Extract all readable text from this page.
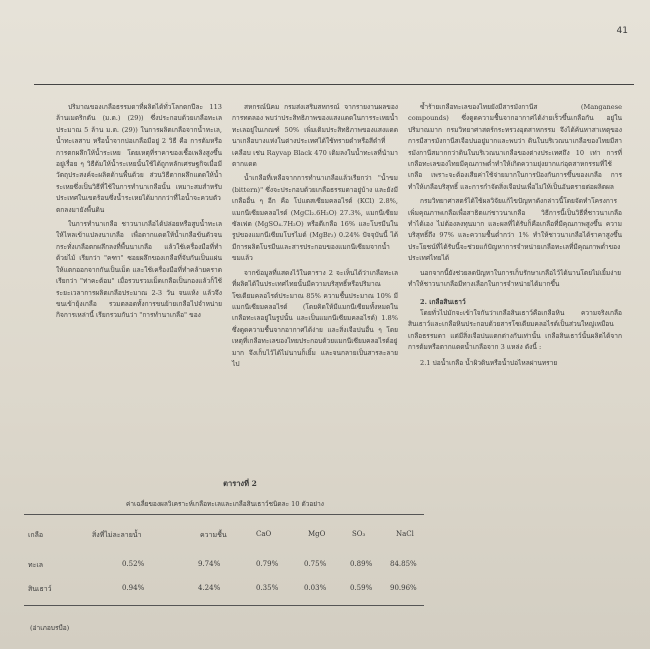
41

ปริมาณของเกลือธรรมดาที่ผลิตได้ทั่วโลกตกปีละ 113 ล้านเมตริกตัน (ม.ต.) (29)) ซึ่งประกอบด้วยเกลือทะเล ประมาณ 5 ล้าน ม.ต. (29)) ในการผลิตเกลือจากน้ำทะเล, น้ำทะเลสาบ หรือน้ำจากบ่อเกลือมีอยู่ 2 วิธี คือ การต้มหรือการตกผลึกให้น้ำระเหย โดยเหตุที่ราคาของเชื้อเพลิงสูงขึ้นอยู่เรื่อย ๆ วิธีต้มให้น้ำระเหยนั้นใช้ได้ถูกหลักเศรษฐกิจเมื่อมีวัตถุประสงค์จะผลิตด้านพื้นด้วย ส่วนวิธีตากผลึกแดดให้น้ำระเหยซึ่งเป็นวิธีที่ใช้ในการทำนาเกลือนั้น เหมาะสมสำหรับประเทศในเขตร้อนซึ่งน้ำระเหยได้มากกว่าที่ไอน้ำจะควบตัวตกลงมายังพื้นดิน

ในการทำนาเกลือ ชาวนาเกลือได้ปล่อยหรือสูบน้ำทะเลให้ไหลเข้าแปลงนาเกลือ เพื่อตากแดดให้น้ำเกลือข้นตัวจนกระทั่งเกลือตกผลึกลงที่พื้นนาเกลือ แล้วใช้เครื่องมือที่ทำด้วยไม้ เรียกว่า "คฑา" ซอยผลึกของเกลือที่จับกันเป็นแผ่นให้แตกออกจากกันเป็นเม็ด และใช้เครื่องมือที่ทำคล้ายคราด เรียกว่า "ท่าคะต้อม" เมื่อรวบรวมเม็ดเกลือเป็นกองแล้วก็ใช้ ระยะเวลาการผลิตเกลือประมาณ 2-3 วัน จนแห้ง แล้วจึงขนเข้ายุ้งเกลือ รวมตลอดทั้งการขนย้ายเกลือไปจำหน่าย กิจการเหล่านี้ เรียกรวมกันว่า "การทำนาเกลือ" ของ

สหกรณ์นิคม กรมส่งเสริมสหกรณ์ จากรายงานผลของการทดลอง พบว่าประสิทธิภาพของแสงแดดในการระเหยน้ำทะเลอยู่ในเกณฑ์ 50% เพิ่มเติมประสิทธิภาพของแสงแดด นาเกลือบางแห่งในต่างประเทศได้ใช้ทรายดำหรือสีดำที่เคลือบ เช่น Rayvap Black 470 เติมลงในน้ำทะเลที่นำมาตากแดด

น้ำเกลือที่เหลือจากการทำนาเกลือแล้วเรียกว่า "น้ำขม (bittern)" ซึ่งจะประกอบด้วยเกลือธรรมดาอยู่บ้าง และยังมีเกลืออื่น ๆ อีก คือ โปแตสเซียมคลอไรด์ (KCl) 2.8%, แมกนีเซียมคลอไรด์ (MgCl₂.6H₂O) 27.3%, แมกนีเซียมซัลเฟต (MgSO₄.7H₂O) หรือดีเกลือ 16% และโบรมีนในรูปของแมกนีเซียมโบรไมด์ (MgBr₂) 0.24% ปัจจุบันนี้ ได้มีการผลิตโบรมีนและสารประกอบของแมกนีเซียมจากน้ำขมแล้ว

จากข้อมูลที่แสดงไว้ในตาราง 2 จะเห็นได้ว่าเกลือทะเลที่ผลิตได้ในประเทศไทยนั้นมีความบริสุทธิ์หรือปริมาณโซเดียมคลอไรด์ประมาณ 85% ความชื้นประมาณ 10% มีแมกนีเซียมคลอไรด์ (โดยคิดให้มีแมกนีเซียมทั้งหมดในเกลือทะเลอยู่ในรูปนั้น และเป็นแมกนีเซียมคลอไรด์) 1.8% ซึ่งดูดความชื้นจากอากาศได้ง่าย และสิ่งเจือปนอื่น ๆ โดยเหตุที่เกลือทะเลของไทยประกอบด้วยแมกนีเซียมคลอไรด์อยู่มาก จึงเก็บไว้ได้ไม่นานก็เยิ้ม และจนกลายเป็นสารละลายไป

ซ้ำร้ายเกลือทะเลของไทยยังมีสารมังกานีส (Manganese compounds) ซึ่งดูดความชื้นจากอากาศได้ง่ายเร็วขึ้นเกลือกัน อยู่ในปริมาณมาก กรมวิทยาศาสตร์กระทรวงอุตสาหกรรม จึงได้ค้นหาสาเหตุของการมีสารมังกานีสเจือปนอยู่มากและพบว่า ดินในบริเวณนาเกลือของไทยมีสารมังกานีสมากกว่าดินในบริเวณนาเกลือของต่างประเทศถึง 10 เท่า การที่เกลือทะเลของไทยมีคุณภาพต่ำทำให้เกิดความยุ่งยากแก่อุตสาหกรรมที่ใช้เกลือ เพราะจะต้องเสียค่าใช้จ่ายมากในการป้องกันการขึ้นของเกลือ การทำให้เกลือบริสุทธิ์ และการกำจัดสิ่งเจือปนเพื่อไม่ให้เป็นอันตรายต่อผลิตผล

กรมวิทยาศาสตร์ได้ใช้ผลวิจัยแก้ไขปัญหาดังกล่าวนี้โดยจัดทำโครงการเพิ่มคุณภาพเกลือเพื่อสาธิตแก่ชาวนาเกลือ วิธีการนี้เป็นวิธีที่ชาวนาเกลือทำได้เอง ไม่ต้องลงทุนมาก และผลที่ได้รับก็คือเกลือที่มีคุณภาพสูงขึ้น ความบริสุทธิ์ถึง 97% และความชื้นต่ำกว่า 1% ทำให้ชาวนาเกลือได้ราคาสูงขึ้น ประโยชน์ที่ได้รับนี้จะช่วยแก้ปัญหาการจำหน่ายเกลือทะเลที่มีคุณภาพต่ำของประเทศไทยได้

นอกจากนี้ยังช่วยลดปัญหาในการเก็บรักษาเกลือไว้ได้นานโดยไม่เยิ้มง่าย ทำให้ชาวนาเกลือมีทางเลือกในการจำหน่ายได้มากขึ้น

2. เกลือสินเธาว์

โดยทั่วไปมักจะเข้าใจกันว่าเกลือสินเธาว์คือเกลือหิน ความจริงเกลือสินเธาว์และเกลือหินประกอบด้วยสารโซเดียมคลอไรด์เป็นส่วนใหญ่เหมือนเกลือธรรมดา แต่มีสิ่งเจือปนแตกต่างกันเท่านั้น เกลือสินเธาว์นั้นผลิตได้จากการต้มหรือตากแดดน้ำเกลือจาก 3 แหล่ง ดังนี้ :

2.1 บ่อน้ำเกลือ น้ำผิวดินหรือน้ำบ่อไหลผ่านทราย
ตารางที่ 2
ค่าเฉลี่ยของผลวิเคราะห์เกลือทะเลและเกลือสินเธาว์ชนิดละ 10 ตัวอย่าง
เกลือ	สิ่งที่ไม่ละลายน้ำ	ความชื้น	CaO	MgO	SO₃	NaCl
ทะเล	0.52%	9.74%	0.79%	0.75%	0.89%	84.85%
สินเธาว์	0.94%	4.24%	0.35%	0.03%	0.59%	90.96%
(อ่าเภอบรบือ)
